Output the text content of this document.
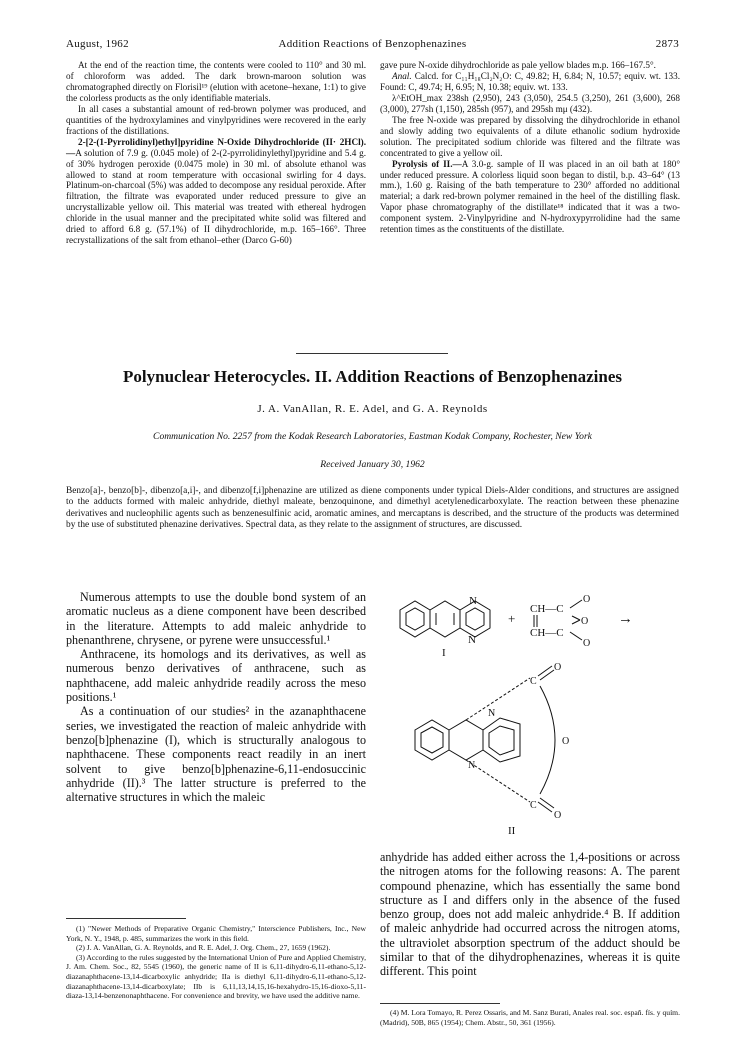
August, 1962	Addition Reactions of Benzophenazines	2873

At the end of the reaction time, the contents were cooled to 110° and 30 ml. of chloroform was added. The dark brown-maroon solution was chromatographed directly on Florisil¹⁹ (elution with acetone–hexane, 1:1) to give the colorless products as the only identifiable materials.

In all cases a substantial amount of red-brown polymer was produced, and quantities of the hydroxylamines and vinylpyridines were recovered in the early fractions of the distillations.

2-[2-(1-Pyrrolidinyl)ethyl]pyridine N-Oxide Dihydrochloride (II· 2HCl).—A solution of 7.9 g. (0.045 mole) of 2-(2-pyrrolidinylethyl)pyridine and 5.4 g. of 30% hydrogen peroxide (0.0475 mole) in 30 ml. of absolute ethanol was allowed to stand at room temperature with occasional swirling for 4 days. Platinum-on-charcoal (5%) was added to decompose any residual peroxide. After filtration, the filtrate was evaporated under reduced pressure to give an uncrystallizable yellow oil. This material was treated with ethereal hydrogen chloride in the usual manner and the precipitated white solid was filtered and dried to afford 6.8 g. (57.1%) of II dihydrochloride, m.p. 165–166°. Three recrystallizations of the salt from ethanol–ether (Darco G-60)

gave pure N-oxide dihydrochloride as pale yellow blades m.p. 166–167.5°.

Anal. Calcd. for C₁₁H₁₈Cl₂N₂O: C, 49.82; H, 6.84; N, 10.57; equiv. wt. 133. Found: C, 49.74; H, 6.95; N, 10.38; equiv. wt. 133.

λ^EtOH_max 238sh (2,950), 243 (3,050), 254.5 (3,250), 261 (3,600), 268 (3,000), 277sh (1,150), 285sh (957), and 295sh mμ (432).

The free N-oxide was prepared by dissolving the dihydrochloride in ethanol and slowly adding two equivalents of a dilute ethanolic sodium hydroxide solution. The precipitated sodium chloride was filtered and the filtrate was concentrated to give a yellow oil.

Pyrolysis of II.—A 3.0-g. sample of II was placed in an oil bath at 180° under reduced pressure. A colorless liquid soon began to distil, b.p. 43–64° (13 mm.), 1.60 g. Raising of the bath temperature to 230° afforded no additional material; a dark red-brown polymer remained in the heel of the distilling flask. Vapor phase chromatography of the distillate¹⁸ indicated that it was a two-component system. 2-Vinylpyridine and N-hydroxypyrrolidine had the same retention times as the constituents of the distillate.

Polynuclear Heterocycles. II. Addition Reactions of Benzophenazines
J. A. VanAllan, R. E. Adel, and G. A. Reynolds
Communication No. 2257 from the Kodak Research Laboratories, Eastman Kodak Company, Rochester, New York
Received January 30, 1962
Benzo[a]-, benzo[b]-, dibenzo[a,i]-, and dibenzo[f,i]phenazine are utilized as diene components under typical Diels-Alder conditions, and structures are assigned to the adducts formed with maleic anhydride, diethyl maleate, benzoquinone, and dimethyl acetylenedicarboxylate. The reaction between these phenazine derivatives and nucleophilic agents such as benzenesulfinic acid, aromatic amines, and mercaptans is described, and the structure of the products was determined by the use of substituted phenazine derivatives. Spectral data, as they relate to the assignment of structures, are discussed.

Numerous attempts to use the double bond system of an aromatic nucleus as a diene component have been described in the literature. Attempts to add maleic anhydride to phenanthrene, chrysene, or pyrene were unsuccessful.¹

Anthracene, its homologs and its derivatives, as well as numerous benzo derivatives of anthracene, such as naphthacene, add maleic anhydride readily across the meso positions.¹

As a continuation of our studies² in the azanaphthacene series, we investigated the reaction of maleic anhydride with benzo[b]phenazine (I), which is structurally analogous to naphthacene. These components react readily in an inert solvent to give benzo[b]phenazine-6,11-endosuccinic anhydride (II).³ The latter structure is preferred to the alternative structures in which the maleic

(1) "Newer Methods of Preparative Organic Chemistry," Interscience Publishers, Inc., New York, N. Y., 1948, p. 485, summarizes the work in this field.

(2) J. A. VanAllan, G. A. Reynolds, and R. E. Adel, J. Org. Chem., 27, 1659 (1962).

(3) According to the rules suggested by the International Union of Pure and Applied Chemistry, J. Am. Chem. Soc., 82, 5545 (1960), the generic name of II is 6,11-dihydro-6,11-ethano-5,12-diazanaphthacene-13,14-dicarboxylic anhydride; IIa is diethyl 6,11-dihydro-6,11-ethano-5,12-diazanaphthacene-13,14-dicarboxylate; IIb is 6,11,13,14,15,16-hexahydro-15,16-dioxo-5,11-diaza-13,14-benzenonaphthacene. For convenience and brevity, we have used the additive name.

N
N
I
+
CH—C
CH—C
O
O
O
→
N
N
C
C
O
O
O
II
anhydride has added either across the 1,4-positions or across the nitrogen atoms for the following reasons: A. The parent compound phenazine, which has essentially the same bond structure as I and differs only in the absence of the fused benzo group, does not add maleic anhydride.⁴ B. If addition of maleic anhydride had occurred across the nitrogen atoms, the ultraviolet absorption spectrum of the adduct should be similar to that of the dihydrophenazines, whereas it is quite different. This point

(4) M. Lora Tomayo, R. Perez Ossaris, and M. Sanz Burati, Anales real. soc. españ. fís. y quím. (Madrid), 50B, 865 (1954); Chem. Abstr., 50, 361 (1956).
